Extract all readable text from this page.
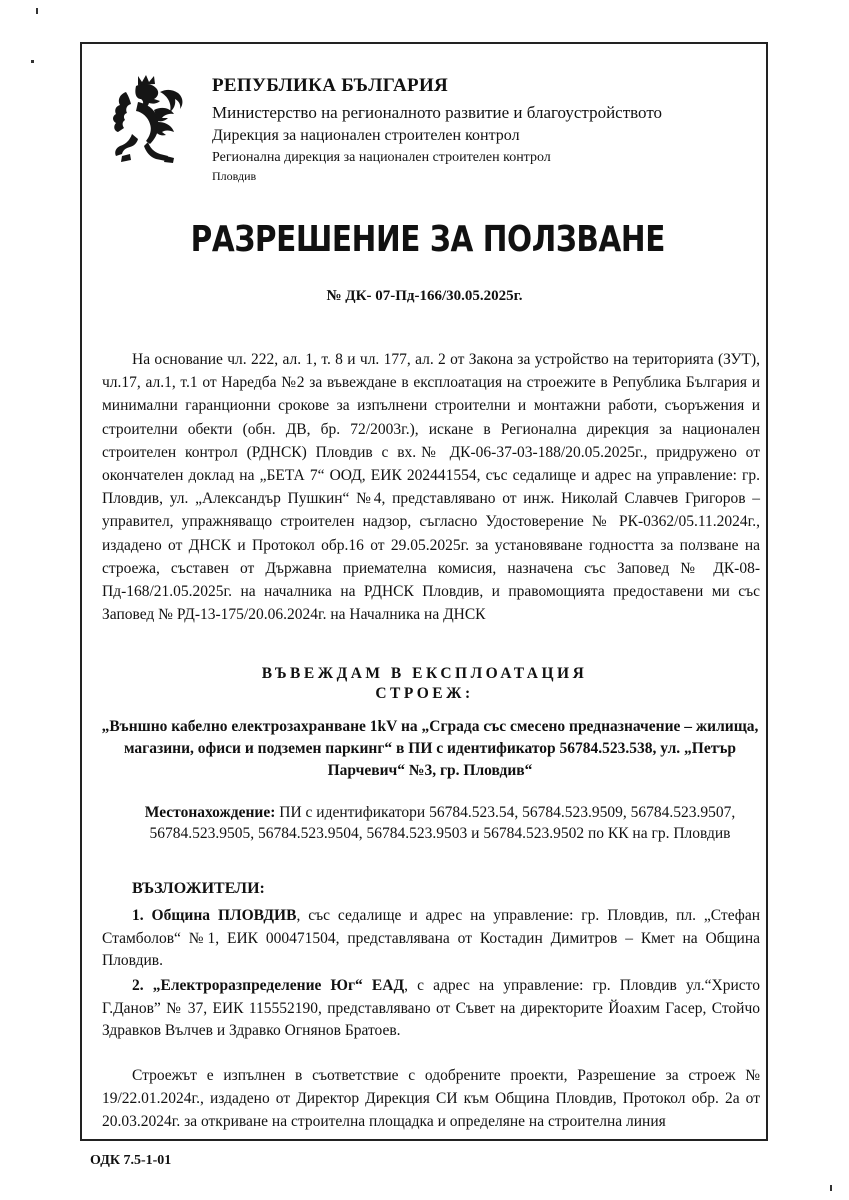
РЕПУБЛИКА БЪЛГАРИЯ
Министерство на регионалното развитие и благоустройството
Дирекция за национален строителен контрол
Регионална дирекция за национален строителен контрол
Пловдив
РАЗРЕШЕНИЕ ЗА ПОЛЗВАНЕ
№ ДК- 07-Пд-166/30.05.2025г.

На основание чл. 222, ал. 1, т. 8 и чл. 177, ал. 2 от Закона за устройство на територията (ЗУТ), чл.17, ал.1, т.1 от Наредба №2 за въвеждане в експлоатация на строежите в Република България и минимални гаранционни срокове за изпълнени строителни и монтажни работи, съоръжения и строителни обекти (обн. ДВ, бр. 72/2003г.), искане в Регионална дирекция за национален строителен контрол (РДНСК) Пловдив с вх.№ ДК-06-37-03-188/20.05.2025г., придружено от окончателен доклад на „БЕТА 7“ ООД, ЕИК 202441554, със седалище и адрес на управление: гр. Пловдив, ул. „Александър Пушкин“ №4, представлявано от инж. Николай Славчев Григоров – управител, упражняващо строителен надзор, съгласно Удостоверение № РК-0362/05.11.2024г., издадено от ДНСК и Протокол обр.16 от 29.05.2025г. за установяване годността за ползване на строежа, съставен от Държавна приемателна комисия, назначена със Заповед № ДК-08-Пд-168/21.05.2025г. на началника на РДНСК Пловдив, и правомощията предоставени ми със Заповед № РД-13-175/20.06.2024г. на Началника на ДНСК

ВЪВЕЖДАМ В ЕКСПЛОАТАЦИЯ
СТРОЕЖ:

„Външно кабелно електрозахранване 1kV на „Сграда със смесено предназначение – жилища, магазини, офиси и подземен паркинг“ в ПИ с идентификатор 56784.523.538, ул. „Петър Парчевич“ №3, гр. Пловдив“

Местонахождение: ПИ с идентификатори 56784.523.54, 56784.523.9509, 56784.523.9507, 56784.523.9505, 56784.523.9504, 56784.523.9503 и 56784.523.9502 по КК на гр. Пловдив

ВЪЗЛОЖИТЕЛИ:

1. Община ПЛОВДИВ, със седалище и адрес на управление: гр. Пловдив, пл. „Стефан Стамболов“ №1, ЕИК 000471504, представлявана от Костадин Димитров – Кмет на Община Пловдив.

2. „Електроразпределение Юг“ ЕАД, с адрес на управление: гр. Пловдив ул.“Христо Г.Данов” № 37, ЕИК 115552190, представлявано от Съвет на директорите Йоахим Гасер, Стойчо Здравков Вълчев и Здравко Огнянов Братоев.

Строежът е изпълнен в съответствие с одобрените проекти, Разрешение за строеж № 19/22.01.2024г., издадено от Директор Дирекция СИ към Община Пловдив, Протокол обр. 2а от 20.03.2024г. за откриване на строителна площадка и определяне на строителна линия

ОДК 7.5-1-01
